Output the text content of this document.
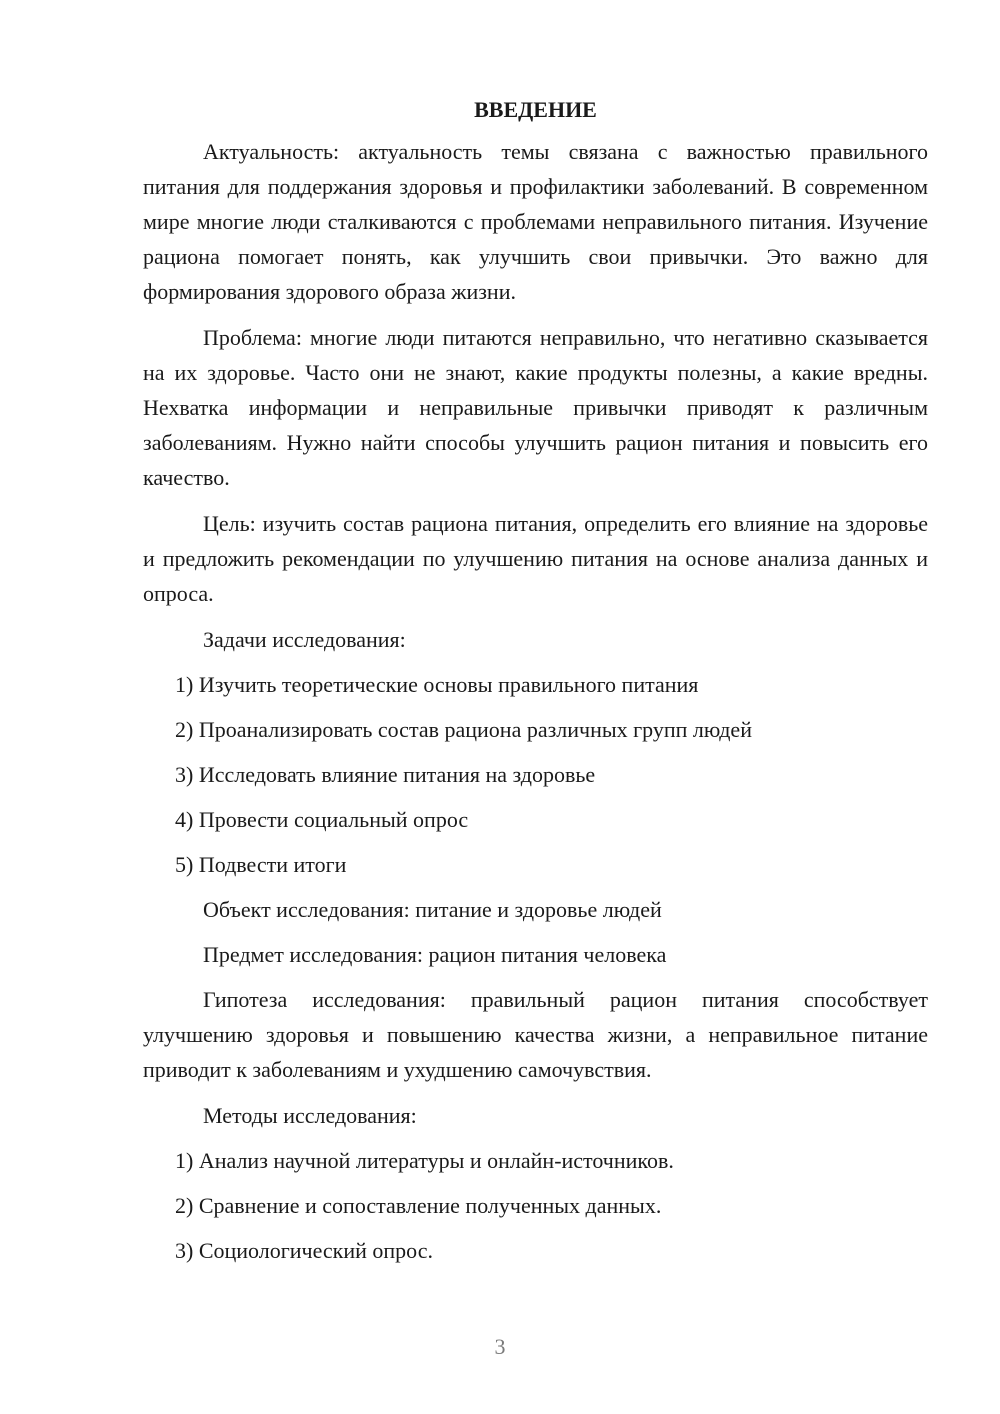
ВВЕДЕНИЕ

Актуальность: актуальность темы связана с важностью правильного питания для поддержания здоровья и профилактики заболеваний. В современном мире многие люди сталкиваются с проблемами неправильного питания. Изучение рациона помогает понять, как улучшить свои привычки. Это важно для формирования здорового образа жизни.

Проблема: многие люди питаются неправильно, что негативно сказывается на их здоровье. Часто они не знают, какие продукты полезны, а какие вредны. Нехватка информации и неправильные привычки приводят к различным заболеваниям. Нужно найти способы улучшить рацион питания и повысить его качество.

Цель: изучить состав рациона питания, определить его влияние на здоровье и предложить рекомендации по улучшению питания на основе анализа данных и опроса.

Задачи исследования:
1) Изучить теоретические основы правильного питания
2) Проанализировать состав рациона различных групп людей
3) Исследовать влияние питания на здоровье
4) Провести социальный опрос
5) Подвести итоги
Объект исследования: питание и здоровье людей
Предмет исследования: рацион питания человека

Гипотеза исследования: правильный рацион питания способствует улучшению здоровья и повышению качества жизни, а неправильное питание приводит к заболеваниям и ухудшению самочувствия.

Методы исследования:
1) Анализ научной литературы и онлайн-источников.
2) Сравнение и сопоставление полученных данных.
3) Социологический опрос.
3
